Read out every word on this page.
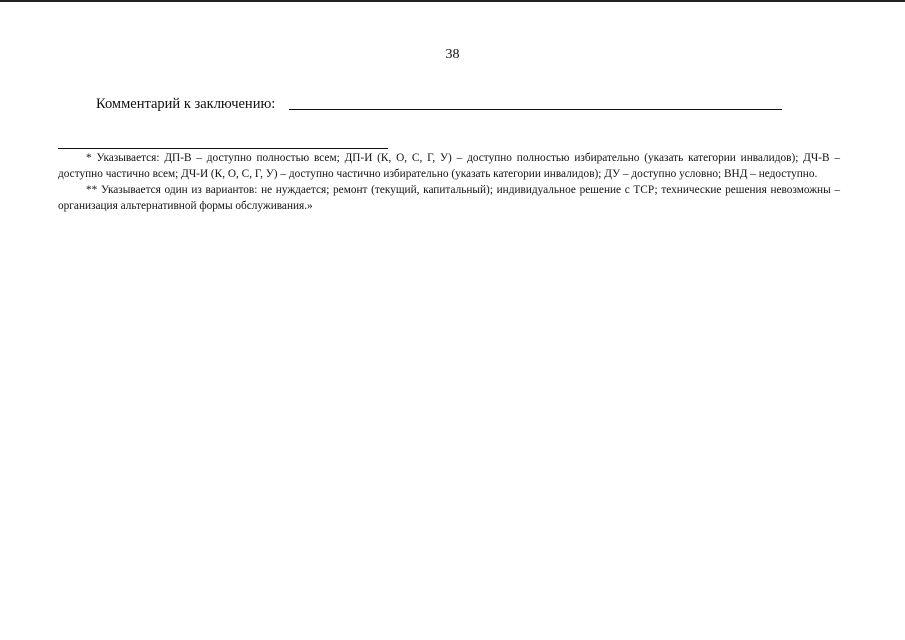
38
Комментарий к заключению:

* Указывается: ДП-В – доступно полностью всем; ДП-И (К, О, С, Г, У) – доступно полностью избирательно (указать категории инвалидов); ДЧ-В – доступно частично всем; ДЧ-И (К, О, С, Г, У) – доступно частично избирательно (указать категории инвалидов); ДУ – доступно условно; ВНД – недоступно.

** Указывается один из вариантов: не нуждается; ремонт (текущий, капитальный); индивидуальное решение с ТСР; технические решения невозможны – организация альтернативной формы обслуживания.»
